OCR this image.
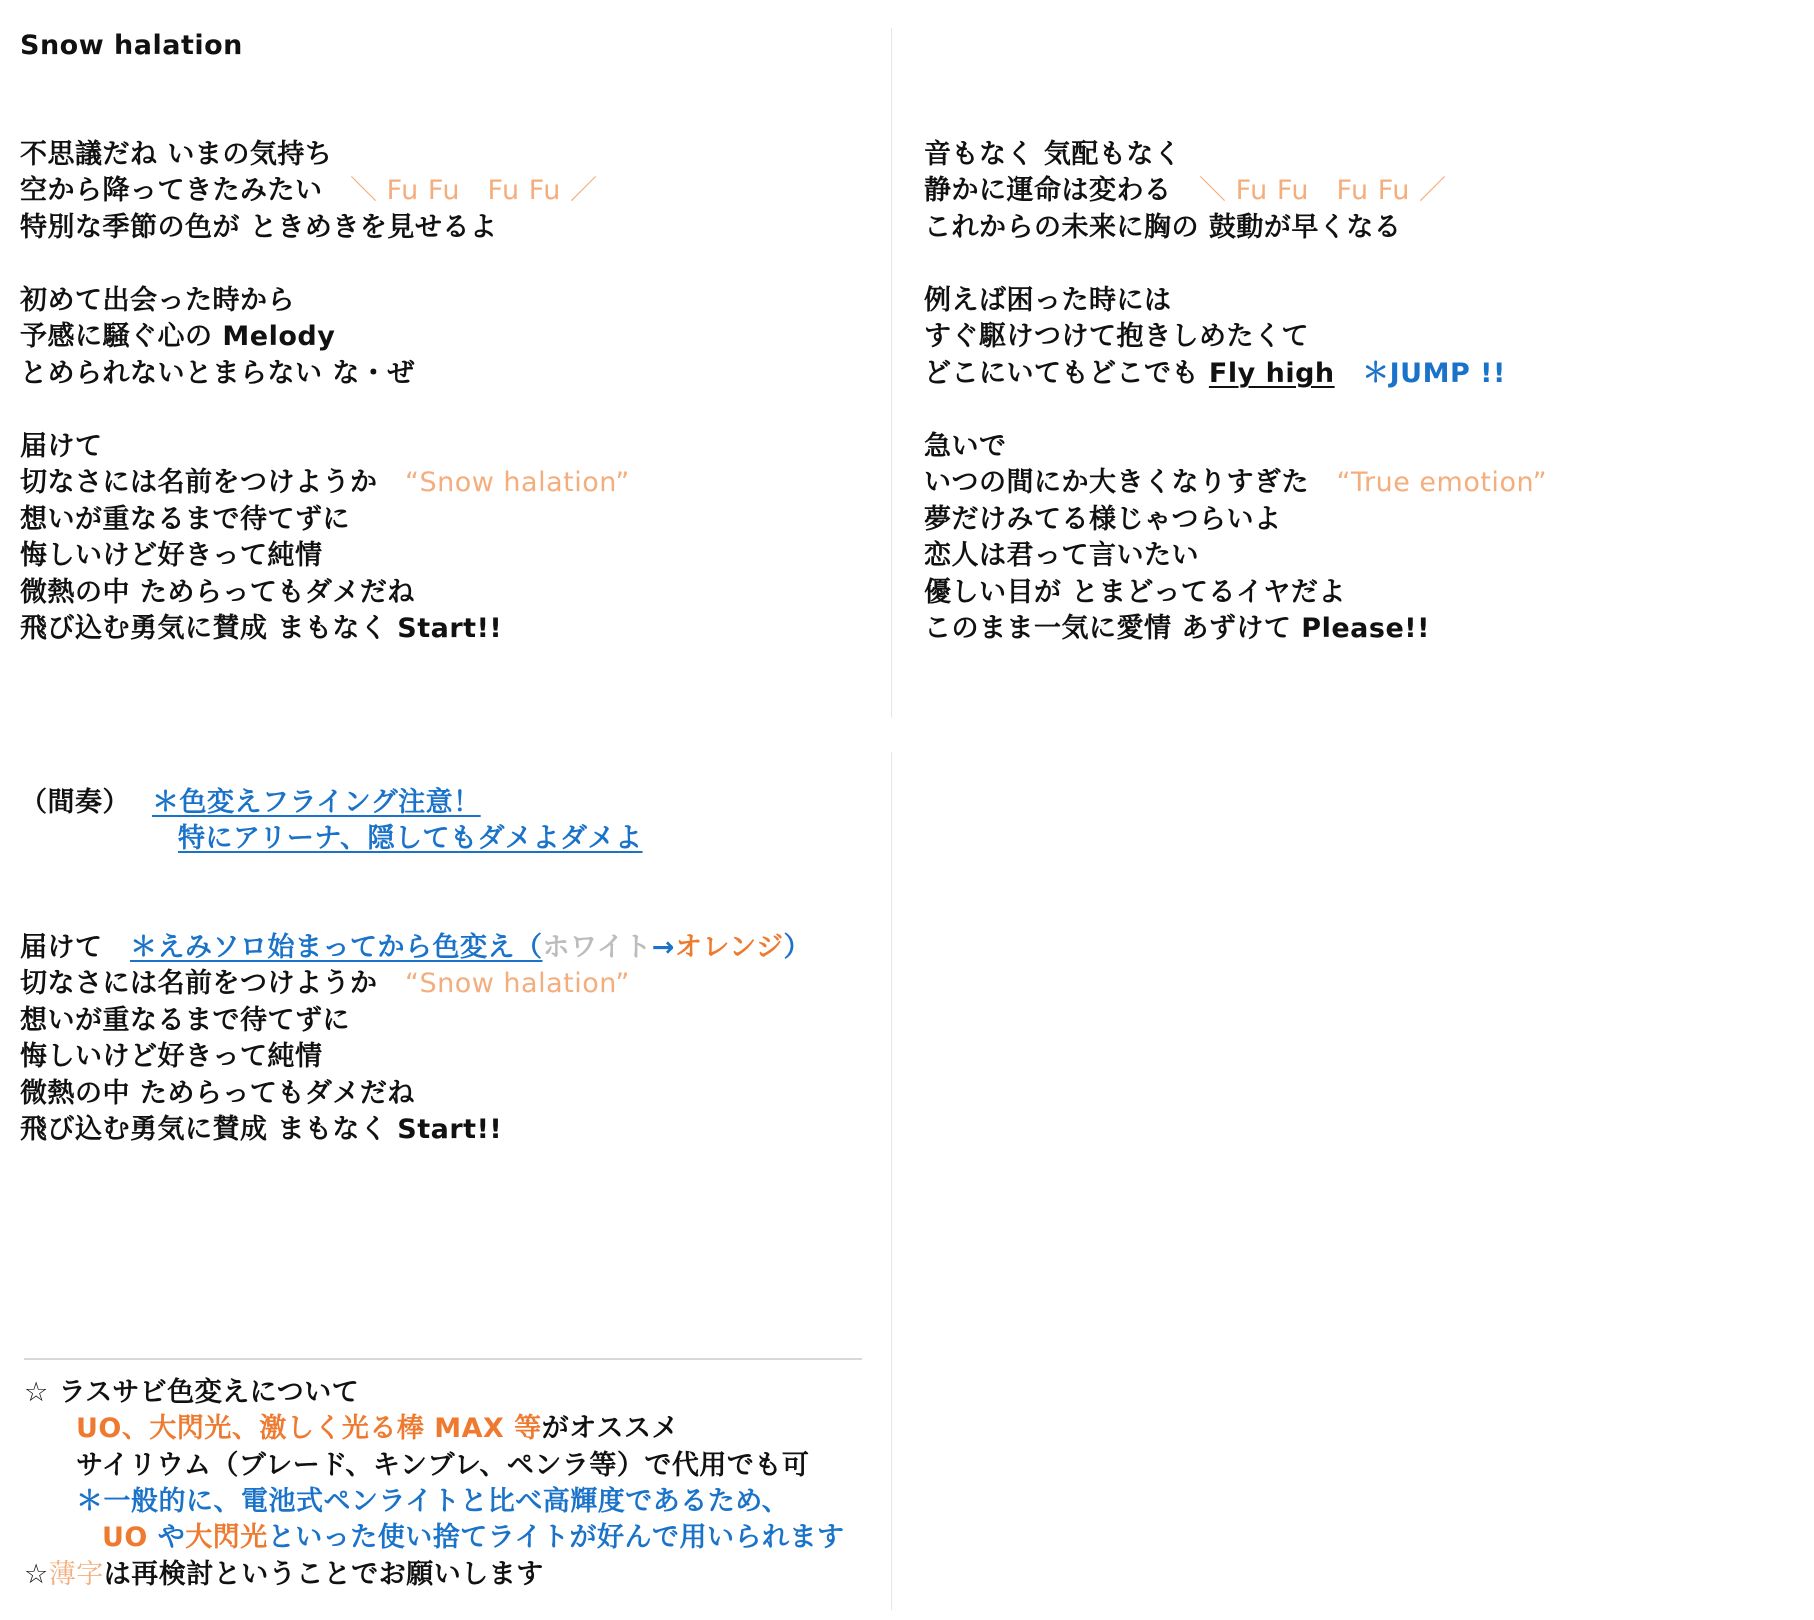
Snow halation
不思議だね いまの気持ち
空から降ってきたみたい　 ＼ Fu Fu　Fu Fu ／
特別な季節の色が ときめきを見せるよ
初めて出会った時から
予感に騒ぐ心の Melody
とめられないとまらない な・ぜ
届けて
切なさには名前をつけようか　 “Snow halation”
想いが重なるまで待てずに
悔しいけど好きって純情
微熱の中 ためらってもダメだね
飛び込む勇気に賛成 まもなく Start!!
音もなく 気配もなく
静かに運命は変わる　 ＼ Fu Fu　Fu Fu ／
これからの未来に胸の 鼓動が早くなる
例えば困った時には
すぐ駆けつけて抱きしめたくて
どこにいてもどこでも Fly high　 ＊JUMP !!
急いで
いつの間にか大きくなりすぎた　 “True emotion”
夢だけみてる様じゃつらいよ
恋人は君って言いたい
優しい目が とまどってるイヤだよ
このまま一気に愛情 あずけて Please!!
（間奏） ＊色変えフライング注意！
特にアリーナ、隠してもダメよダメよ
届けて　 ＊えみソロ始まってから色変え（ホワイト→オレンジ）
切なさには名前をつけようか　 “Snow halation”
想いが重なるまで待てずに
悔しいけど好きって純情
微熱の中 ためらってもダメだね
飛び込む勇気に賛成 まもなく Start!!
☆ ラスサビ色変えについて
UO、大閃光、激しく光る棒 MAX 等がオススメ
サイリウム（ブレード、キンブレ、ペンラ等）で代用でも可
＊一般的に、電池式ペンライトと比べ高輝度であるため、
UO や大閃光といった使い捨てライトが好んで用いられます
☆薄字は再検討ということでお願いします
